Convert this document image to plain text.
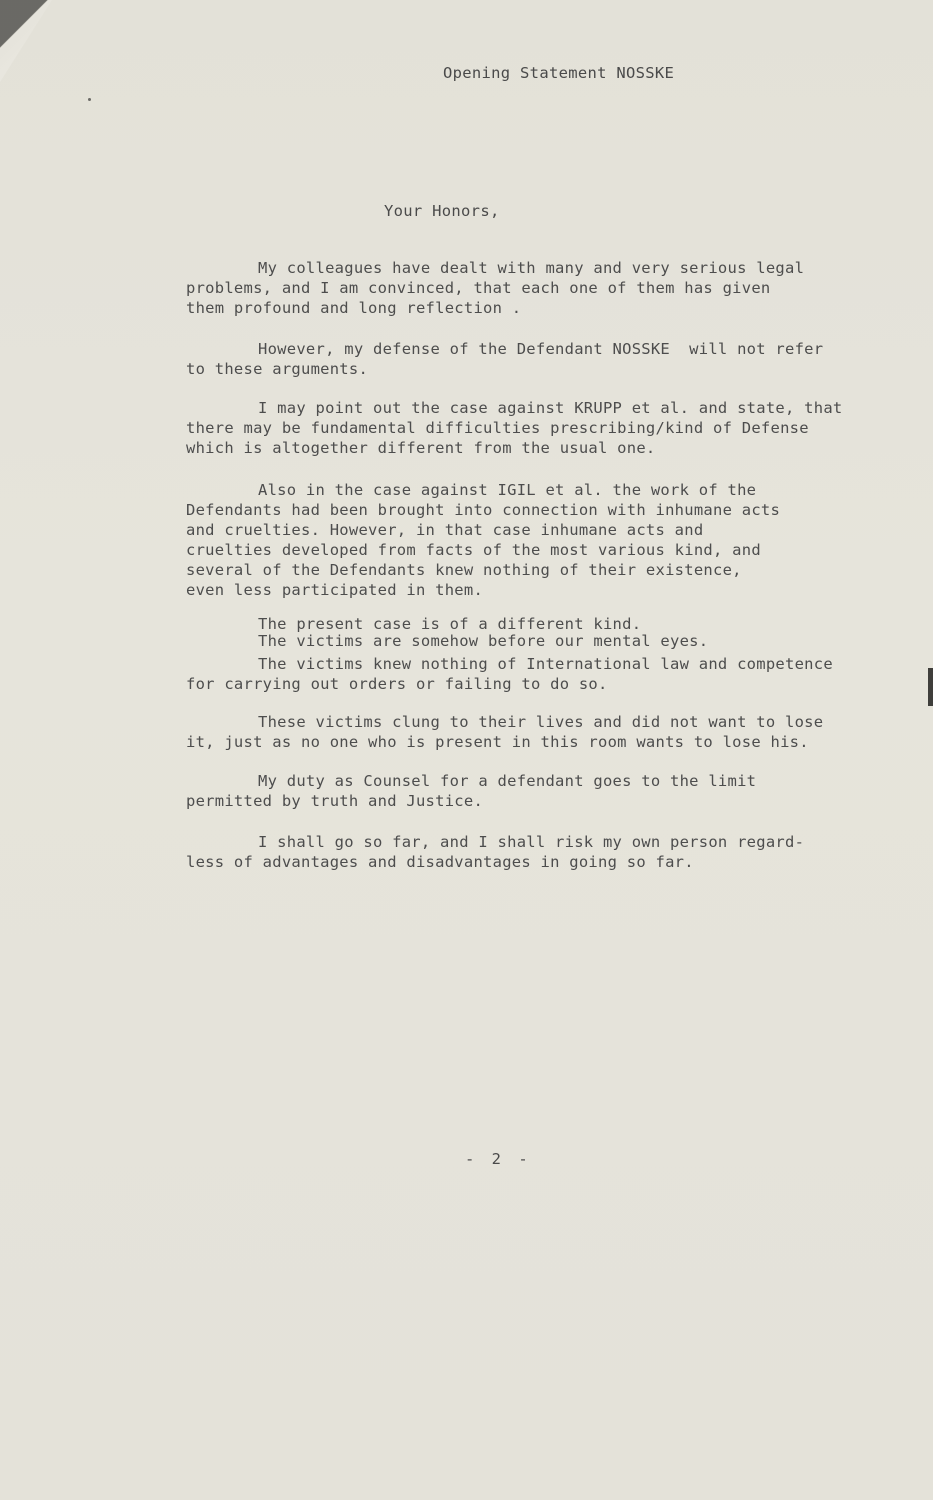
Opening Statement NOSSKE

Your Honors,

My colleagues have dealt with many and very serious legal
problems, and I am convinced, that each one of them has given
them profound and long reflection .
However, my defense of the Defendant NOSSKE  will not refer
to these arguments.
I may point out the case against KRUPP et al. and state, that
there may be fundamental difficulties prescribing/kind of Defense
which is altogether different from the usual one.
Also in the case against IGIL et al. the work of the
Defendants had been brought into connection with inhumane acts
and cruelties. However, in that case inhumane acts and
cruelties developed from facts of the most various kind, and
several of the Defendants knew nothing of their existence,
even less participated in them.
The present case is of a different kind.
The victims are somehow before our mental eyes.
The victims knew nothing of International law and competence
for carrying out orders or failing to do so.
These victims clung to their lives and did not want to lose
it, just as no one who is present in this room wants to lose his.
My duty as Counsel for a defendant goes to the limit
permitted by truth and Justice.
I shall go so far, and I shall risk my own person regard-
less of advantages and disadvantages in going so far.

- 2 -
